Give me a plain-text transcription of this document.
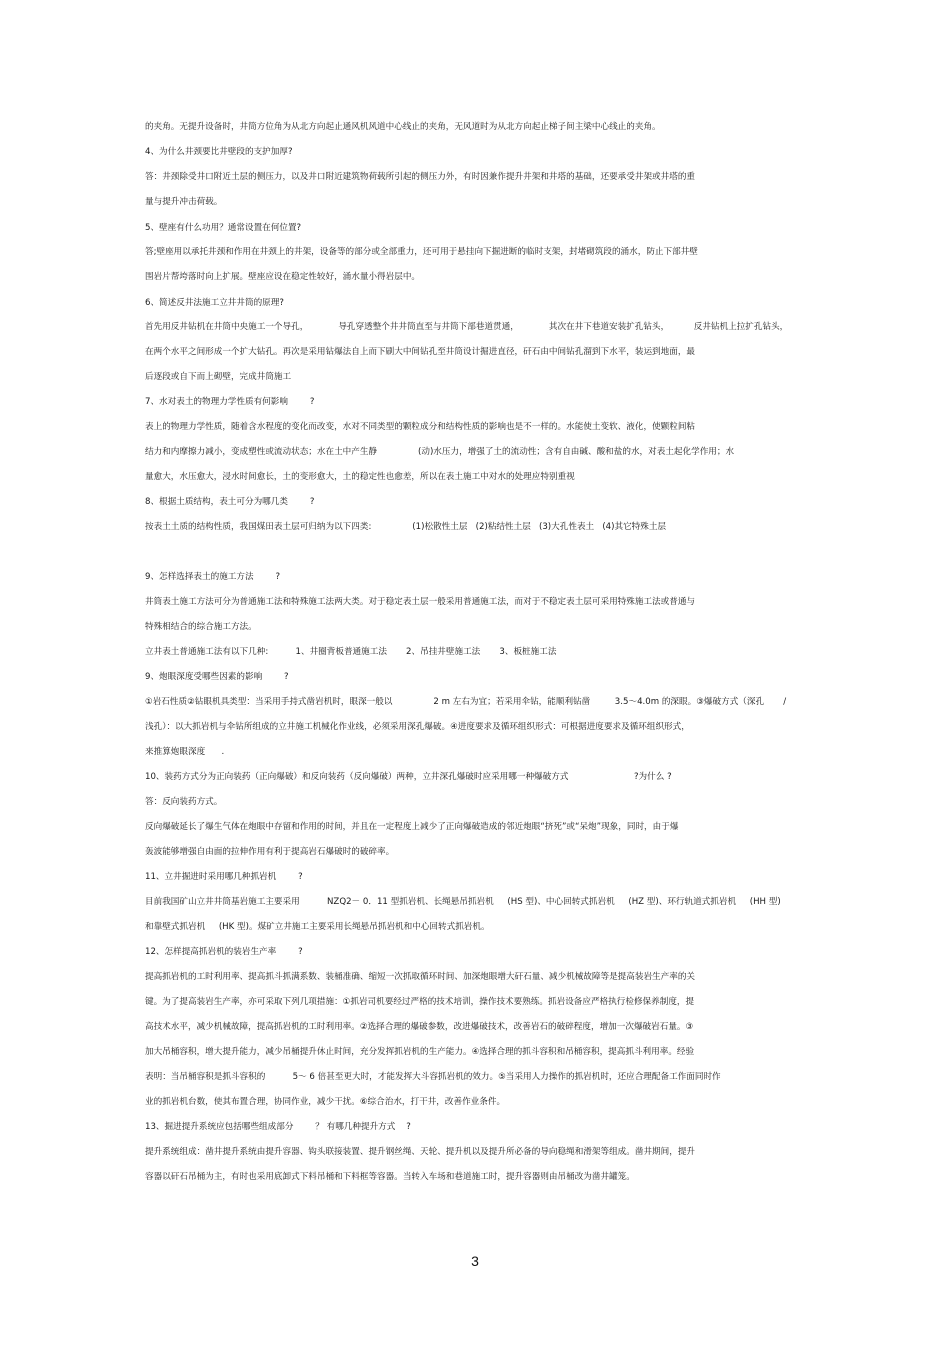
的夹角。无提升设备时，井筒方位角为从北方向起止通风机风道中心线止的夹角，无风道时为从北方向起止梯子间主梁中心线止的夹角。
4、为什么井颈要比井壁段的支护加厚?
答：井颈除受井口附近土层的侧压力，以及井口附近建筑物荷载所引起的侧压力外，有时因兼作提升井架和井塔的基础，还要承受井架或井塔的重
量与提升冲击荷载。
5、壁座有什么功用？通常设置在何位置?
答;壁座用以承托井颈和作用在井颈上的井架，设备等的部分或全部重力，还可用于悬挂向下掘进断的临时支架，封堵砌筑段的涌水，防止下部井壁
围岩片帮垮落时向上扩展。壁座应设在稳定性较好，涌水量小得岩层中。
6、简述反井法施工立井井筒的原理?
首先用反井钻机在井筒中央施工一个导孔，           导孔穿透整个井井筒直至与井筒下部巷道贯通，           其次在井下巷道安装扩孔钻头，         反井钻机上拉扩孔钻头，
在两个水平之间形成一个扩大钻孔。再次是采用钻爆法自上而下刷大中间钻孔至井筒设计掘进直径，矸石由中间钻孔溜到下水平，装运到地面，最
后逐段或自下而上砌壁，完成井筒施工
7、水对表土的物理力学性质有何影响        ?
表上的物理力学性质，随着含水程度的变化而改变，水对不同类型的颗粒成分和结构性质的影响也是不一样的。水能使土变软、液化，使颗粒间粘
结力和内摩擦力减小，变成塑性或流动状态；水在土中产生静               (动)水压力，增强了土的流动性；含有自由碱、酸和盐的水，对表土起化学作用；水
量愈大，水压愈大，浸水时间愈长，土的变形愈大，土的稳定性也愈差，所以在表土施工中对水的处理应特别重视
8、根据土质结构，表土可分为哪几类        ?
按表土土质的结构性质，我国煤田表土层可归纳为以下四类:               (1)松散性土层   (2)粘结性土层   (3)大孔性表土   (4)其它特殊土层
9、怎样选择表土的施工方法        ?
井筒表土施工方法可分为普通施工法和特殊施工法两大类。对于稳定表土层一般采用普通施工法，而对于不稳定表土层可采用特殊施工法或普通与
特殊相结合的综合施工方法。
立井表土普通施工法有以下几种:          1、井圈背板普通施工法       2、吊挂井壁施工法       3、板桩施工法
9、炮眼深度受哪些因素的影响        ?
①岩石性质②钻眼机具类型：当采用手持式凿岩机时，眼深一般以               2 m 左右为宜；若采用伞钻，能顺利钻凿         3.5～4.0m 的深眼。③爆破方式（深孔       /
浅孔）：以大抓岩机与伞钻所组成的立井施工机械化作业线，必须采用深孔爆破。④进度要求及循环组织形式：可根据进度要求及循环组织形式，
来推算炮眼深度      .
10、装药方式分为正向装药（正向爆破）和反向装药（反向爆破）两种，立井深孔爆破时应采用哪一种爆破方式                        ?为什么 ?
答：反向装药方式。
反向爆破延长了爆生气体在炮眼中存留和作用的时间，并且在一定程度上减少了正向爆破造成的邻近炮眼“挤死”或“呆炮”现象，同时，由于爆
轰波能够增强自由面的拉伸作用有利于提高岩石爆破时的破碎率。
11、立井掘进时采用哪几种抓岩机        ?
目前我国矿山立井井筒基岩施工主要采用          NZQ2－ 0．11 型抓岩机、长绳悬吊抓岩机     (HS 型)、中心回转式抓岩机     (HZ 型)、环行轨道式抓岩机     (HH 型)
和靠壁式抓岩机     (HK 型)。煤矿立井施工主要采用长绳悬吊抓岩机和中心回转式抓岩机。
12、怎样提高抓岩机的装岩生产率        ?
提高抓岩机的工时利用率、提高抓斗抓满系数、装桶准确、缩短一次抓取循环时间、加深炮眼增大矸石量、减少机械故障等是提高装岩生产率的关
键。为了提高装岩生产率，亦可采取下列几项措施：①抓岩司机要经过严格的技术培训，操作技术要熟练。抓岩设备应严格执行检修保养制度，提
高技术水平，减少机械故障，提高抓岩机的工时利用率。②选择合理的爆破参数，改进爆破技术，改善岩石的破碎程度，增加一次爆破岩石量。③
加大吊桶容积，增大提升能力，减少吊桶提升休止时间，充分发挥抓岩机的生产能力。④选择合理的抓斗容积和吊桶容积，提高抓斗利用率。经验
表明：当吊桶容积是抓斗容积的          5～ 6 倍甚至更大时，才能发挥大斗容抓岩机的效力。⑤当采用人力操作的抓岩机时，还应合理配备工作面同时作
业的抓岩机台数，使其布置合理，协同作业，减少干扰。⑥综合治水，打干井，改善作业条件。
13、掘进提升系统应包括哪些组成部分        ？ 有哪几种提升方式    ?
提升系统组成：凿井提升系统由提升容器、钩头联接装置、提升钢丝绳、天轮、提升机以及提升所必备的导向稳绳和滑架等组成。凿井期间，提升
容器以矸石吊桶为主，有时也采用底卸式下料吊桶和下料框等容器。当转入车场和巷道施工时，提升容器则由吊桶改为凿井罐笼。
3
